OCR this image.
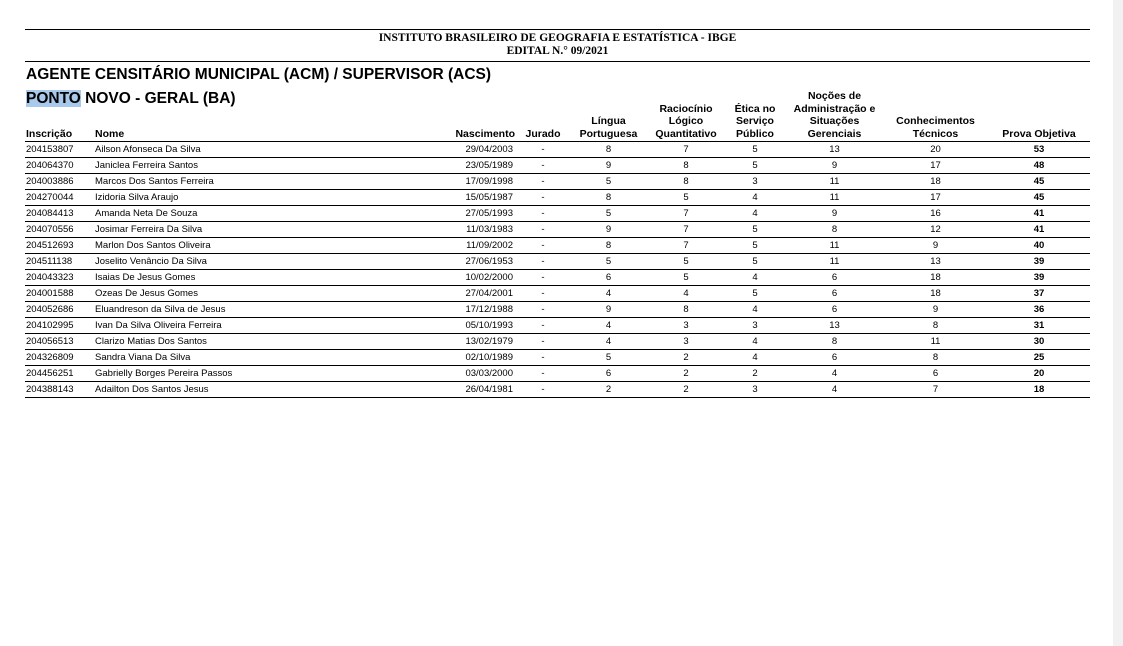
INSTITUTO BRASILEIRO DE GEOGRAFIA E ESTATÍSTICA - IBGE
EDITAL N.° 09/2021
Inscrição	Nome	Nascimento	Jurado	Língua Portuguesa	Raciocínio Lógico Quantitativo	Ética no Serviço Público	Noções de Administração e Situações Gerenciais	Conhecimentos Técnicos	Prova Objetiva
204153807	Ailson Afonseca Da Silva	29/04/2003	-	8	7	5	13	20	53
204064370	Janiclea Ferreira Santos	23/05/1989	-	9	8	5	9	17	48
204003886	Marcos Dos Santos Ferreira	17/09/1998	-	5	8	3	11	18	45
204270044	Izidoria Silva Araujo	15/05/1987	-	8	5	4	11	17	45
204084413	Amanda Neta De Souza	27/05/1993	-	5	7	4	9	16	41
204070556	Josimar Ferreira Da Silva	11/03/1983	-	9	7	5	8	12	41
204512693	Marlon Dos Santos Oliveira	11/09/2002	-	8	7	5	11	9	40
204511138	Joselito Venâncio Da Silva	27/06/1953	-	5	5	5	11	13	39
204043323	Isaias De Jesus Gomes	10/02/2000	-	6	5	4	6	18	39
204001588	Ozeas De Jesus Gomes	27/04/2001	-	4	4	5	6	18	37
204052686	Eluandreson da Silva de Jesus	17/12/1988	-	9	8	4	6	9	36
204102995	Ivan Da Silva Oliveira Ferreira	05/10/1993	-	4	3	3	13	8	31
204056513	Clarizo Matias Dos Santos	13/02/1979	-	4	3	4	8	11	30
204326809	Sandra Viana Da Silva	02/10/1989	-	5	2	4	6	8	25
204456251	Gabrielly Borges Pereira Passos	03/03/2000	-	6	2	2	4	6	20
204388143	Adailton Dos Santos Jesus	26/04/1981	-	2	2	3	4	7	18
AGENTE CENSITÁRIO MUNICIPAL (ACM) / SUPERVISOR (ACS)
PONTO NOVO - GERAL (BA)
